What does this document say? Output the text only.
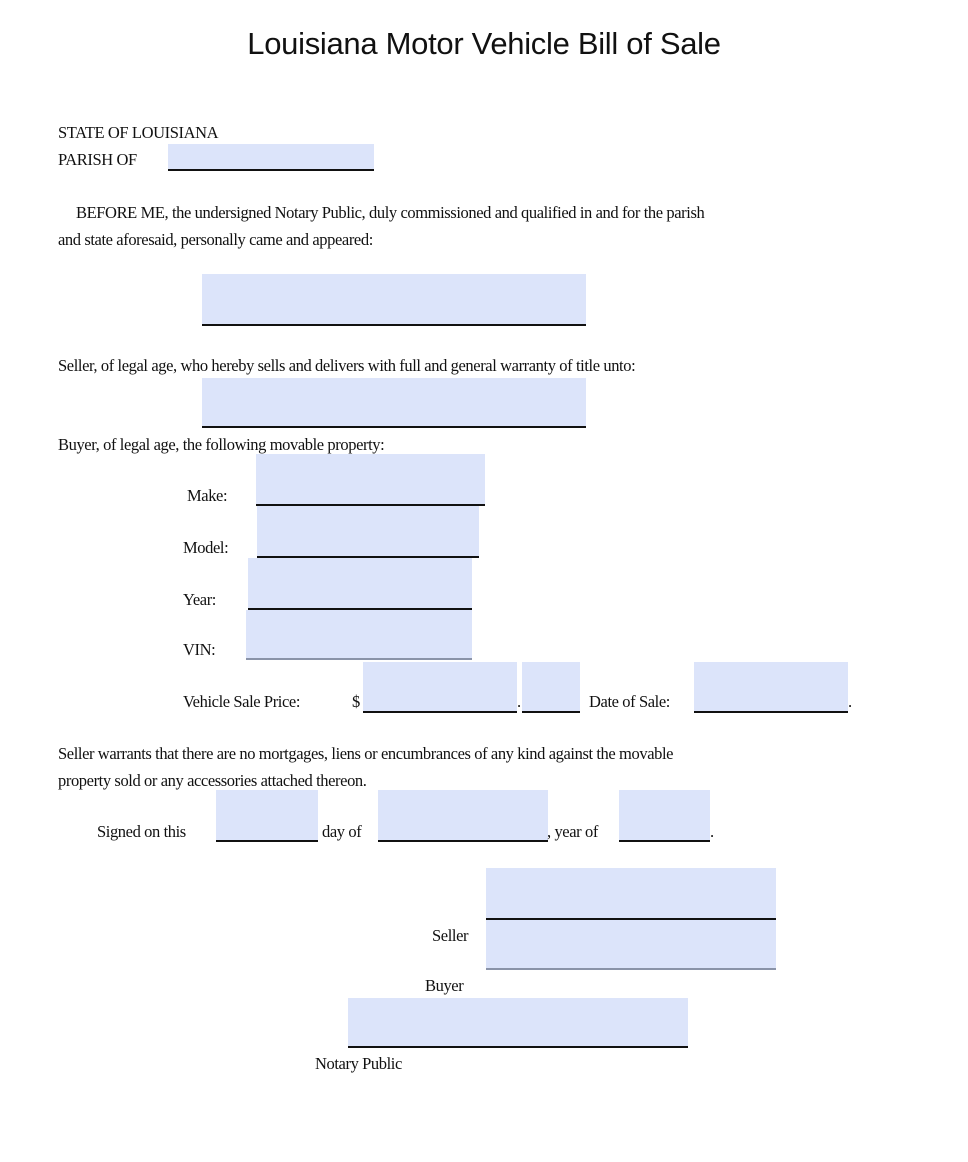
Louisiana Motor Vehicle Bill of Sale
STATE OF LOUISIANA
PARISH OF
BEFORE ME, the undersigned Notary Public, duly commissioned and qualified in and for the parish
and state aforesaid, personally came and appeared:
Seller, of legal age, who hereby sells and delivers with full and general warranty of title unto:
Buyer, of legal age, the following movable property:
Make:
Model:
Year:
VIN:
Vehicle Sale Price:	$	.	Date of Sale:	.
Seller warrants that there are no mortgages, liens or encumbrances of any kind against the movable
property sold or any accessories attached thereon.
Signed on this	day of	, year of	.
Seller
Buyer
Notary Public
